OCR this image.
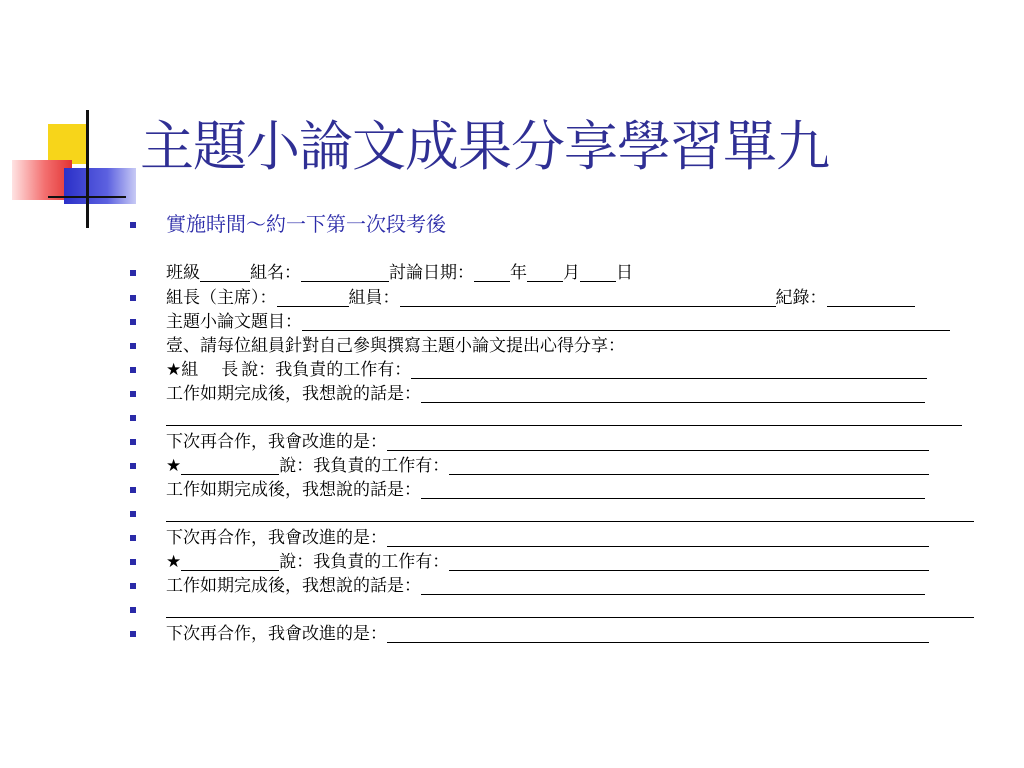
主題小論文成果分享學習單九
實施時間～約一下第一次段考後
班級	組名：	討論日期： 年 月 日
組長（主席）：	組員：	紀錄：
主題小論文題目：
壹、請每位組員針對自己參與撰寫主題小論文提出心得分享：
★組　長說：我負責的工作有：
工作如期完成後，我想說的話是：
下次再合作，我會改進的是：
★	說：我負責的工作有：
工作如期完成後，我想說的話是：
下次再合作，我會改進的是：
★	說：我負責的工作有：
工作如期完成後，我想說的話是：
下次再合作，我會改進的是：
